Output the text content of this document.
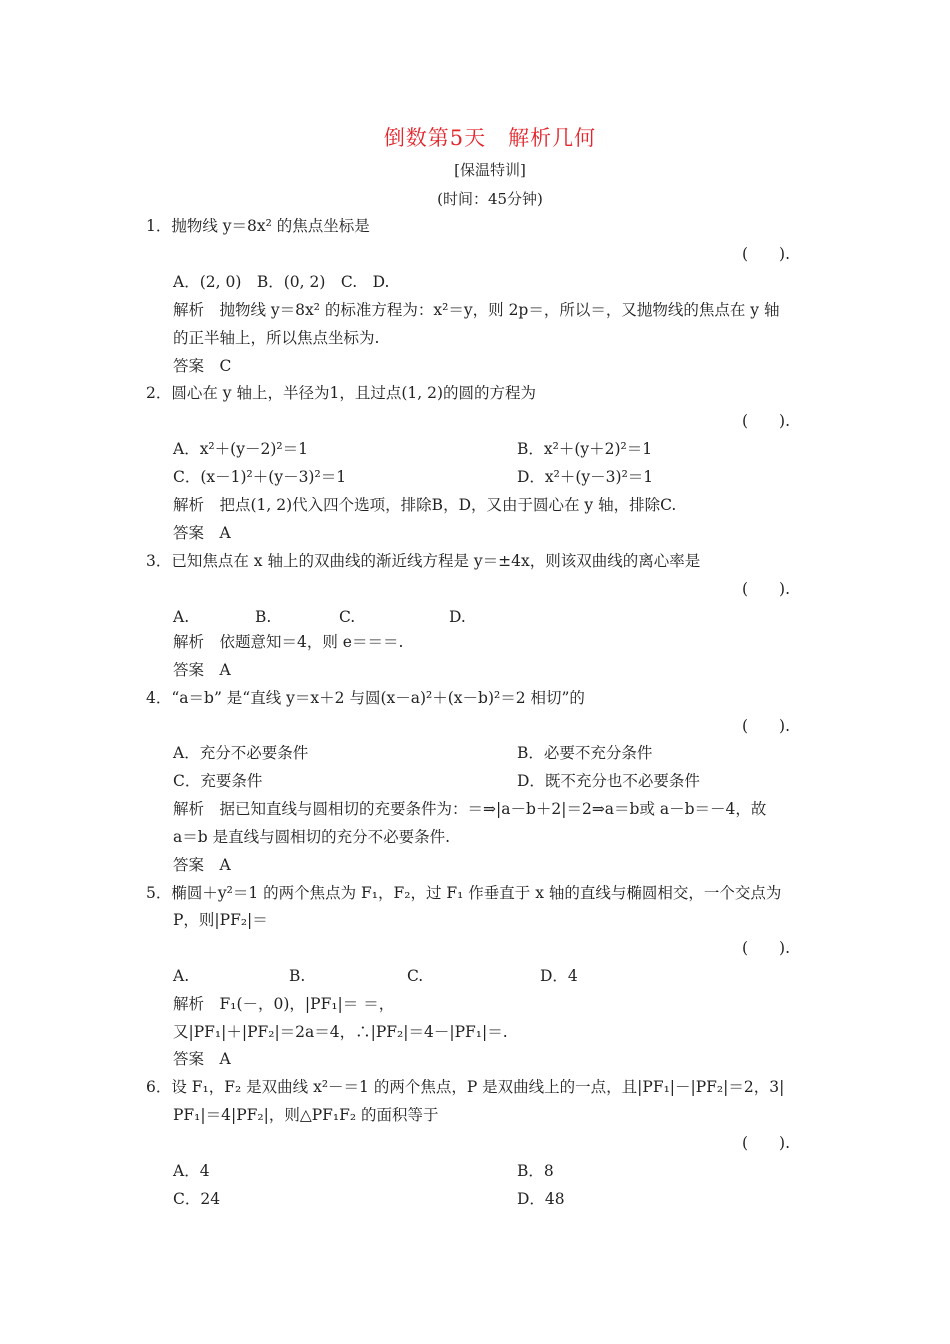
倒数第5天　解析几何
[保温特训]
(时间：45分钟)
1．抛物线 y＝8x² 的焦点坐标是
(　　).
A．(2, 0)　B．(0, 2)　C.　D.
解析　抛物线 y＝8x² 的标准方程为：x²＝y，则 2p＝，所以＝，又抛物线的焦点在 y 轴
的正半轴上，所以焦点坐标为.
答案　C
2．圆心在 y 轴上，半径为1，且过点(1, 2)的圆的方程为
(　　).
A．x²＋(y－2)²＝1	B．x²＋(y＋2)²＝1
C．(x－1)²＋(y－3)²＝1	D．x²＋(y－3)²＝1
解析　把点(1, 2)代入四个选项，排除B，D，又由于圆心在 y 轴，排除C.
答案　A
3．已知焦点在 x 轴上的双曲线的渐近线方程是 y＝±4x，则该双曲线的离心率是
(　　).
A.	B.	C.	D.
解析　依题意知＝4，则 e＝＝＝.
答案　A
4．“a＝b” 是“直线 y＝x＋2 与圆(x－a)²＋(x－b)²＝2 相切”的
(　　).
A．充分不必要条件	B．必要不充分条件
C．充要条件	D．既不充分也不必要条件
解析　据已知直线与圆相切的充要条件为：＝⇒|a－b＋2|＝2⇒a＝b或 a－b＝－4，故
a＝b 是直线与圆相切的充分不必要条件.
答案　A
5．椭圆＋y²＝1 的两个焦点为 F₁，F₂，过 F₁ 作垂直于 x 轴的直线与椭圆相交，一个交点为
P，则|PF₂|＝
(　　).
A.	B.	C.	D．4
解析　F₁(－，0)，|PF₁|＝ ＝，
又|PF₁|＋|PF₂|＝2a＝4，∴|PF₂|＝4－|PF₁|＝.
答案　A
6．设 F₁，F₂ 是双曲线 x²－＝1 的两个焦点，P 是双曲线上的一点，且|PF₁|－|PF₂|＝2，3|
PF₁|＝4|PF₂|，则△PF₁F₂ 的面积等于
(　　).
A．4	B．8
C．24	D．48
